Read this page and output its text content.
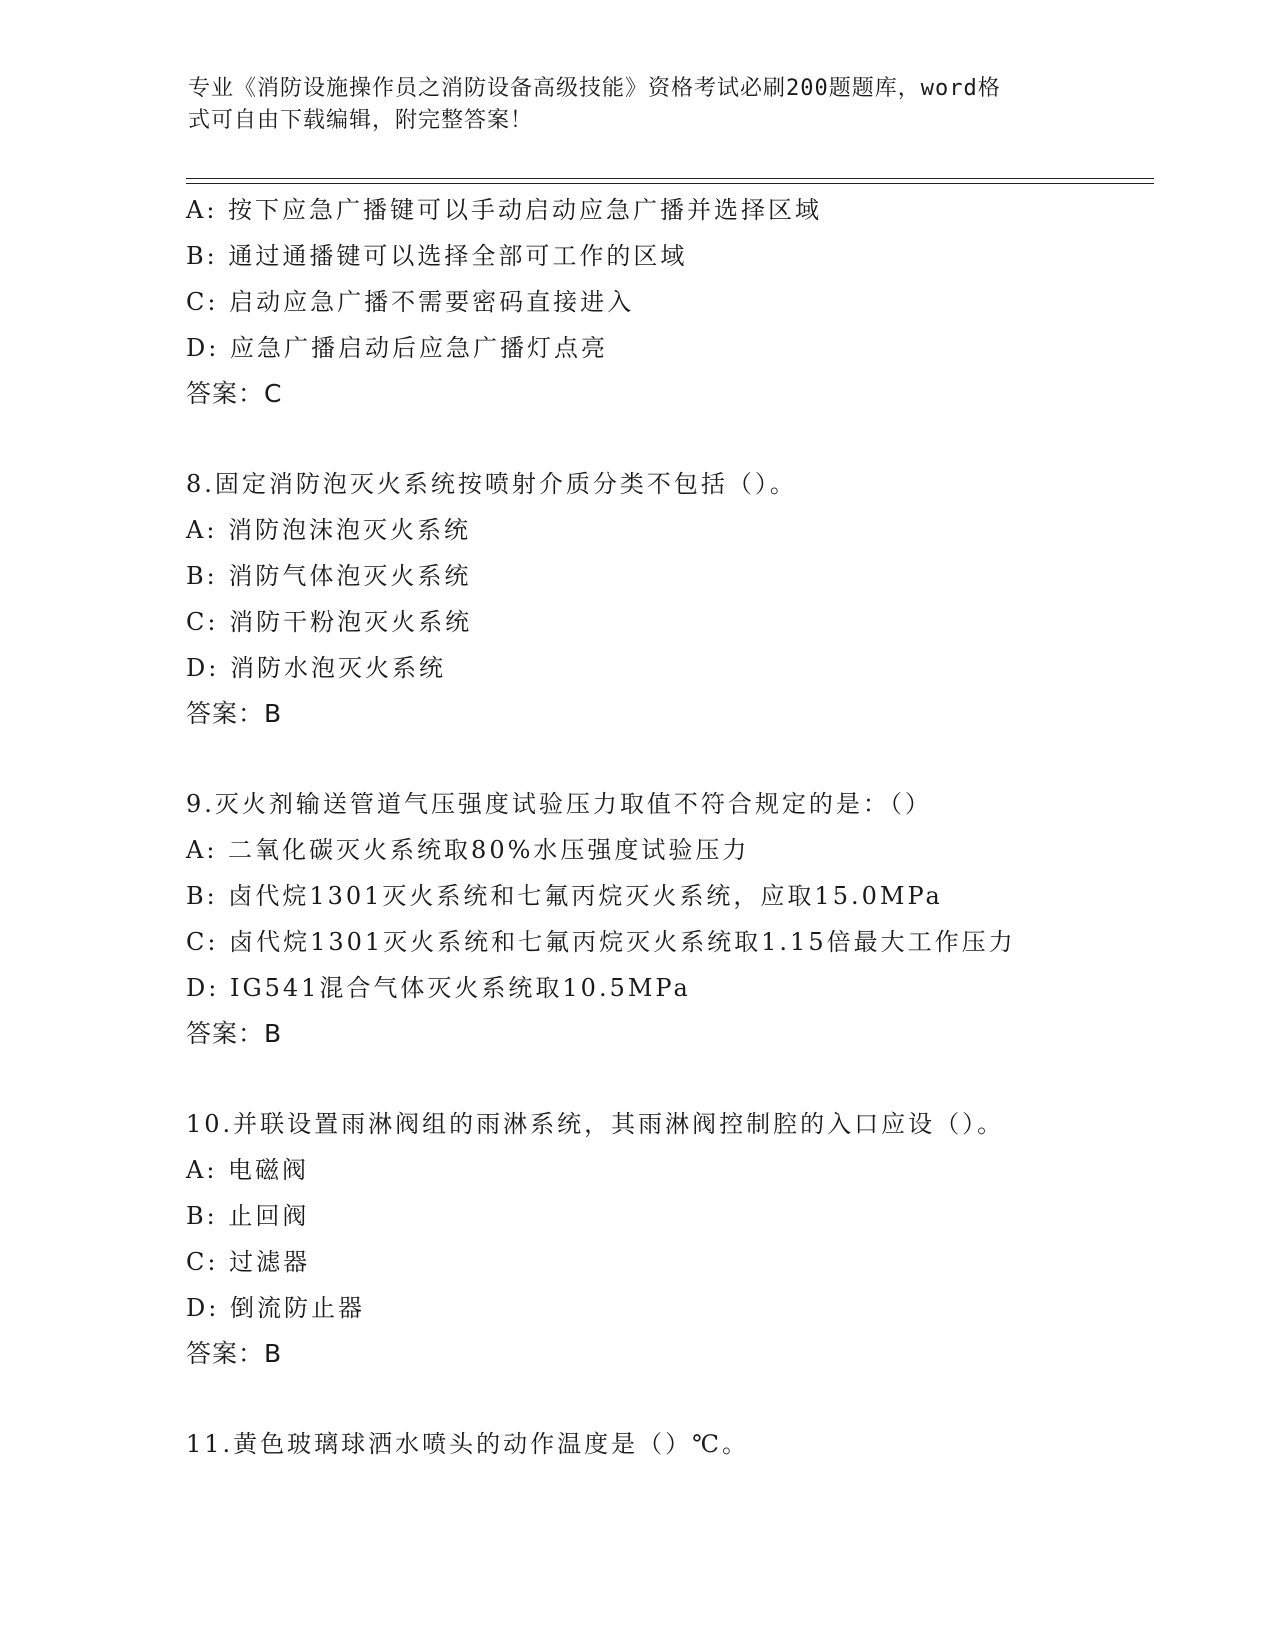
专业《消防设施操作员之消防设备高级技能》资格考试必刷200题题库，word格
式可自由下载编辑，附完整答案！
A: 按下应急广播键可以手动启动应急广播并选择区域
B: 通过通播键可以选择全部可工作的区域
C: 启动应急广播不需要密码直接进入
D: 应急广播启动后应急广播灯点亮
答案：C
8.固定消防泡灭火系统按喷射介质分类不包括（）。
A: 消防泡沫泡灭火系统
B: 消防气体泡灭火系统
C: 消防干粉泡灭火系统
D: 消防水泡灭火系统
答案：B
9.灭火剂输送管道气压强度试验压力取值不符合规定的是：（）
A: 二氧化碳灭火系统取80%水压强度试验压力
B: 卤代烷1301灭火系统和七氟丙烷灭火系统，应取15.0MPa
C: 卤代烷1301灭火系统和七氟丙烷灭火系统取1.15倍最大工作压力
D: IG541混合气体灭火系统取10.5MPa
答案：B
10.并联设置雨淋阀组的雨淋系统，其雨淋阀控制腔的入口应设（）。
A: 电磁阀
B: 止回阀
C: 过滤器
D: 倒流防止器
答案：B
11.黄色玻璃球洒水喷头的动作温度是（）℃。
